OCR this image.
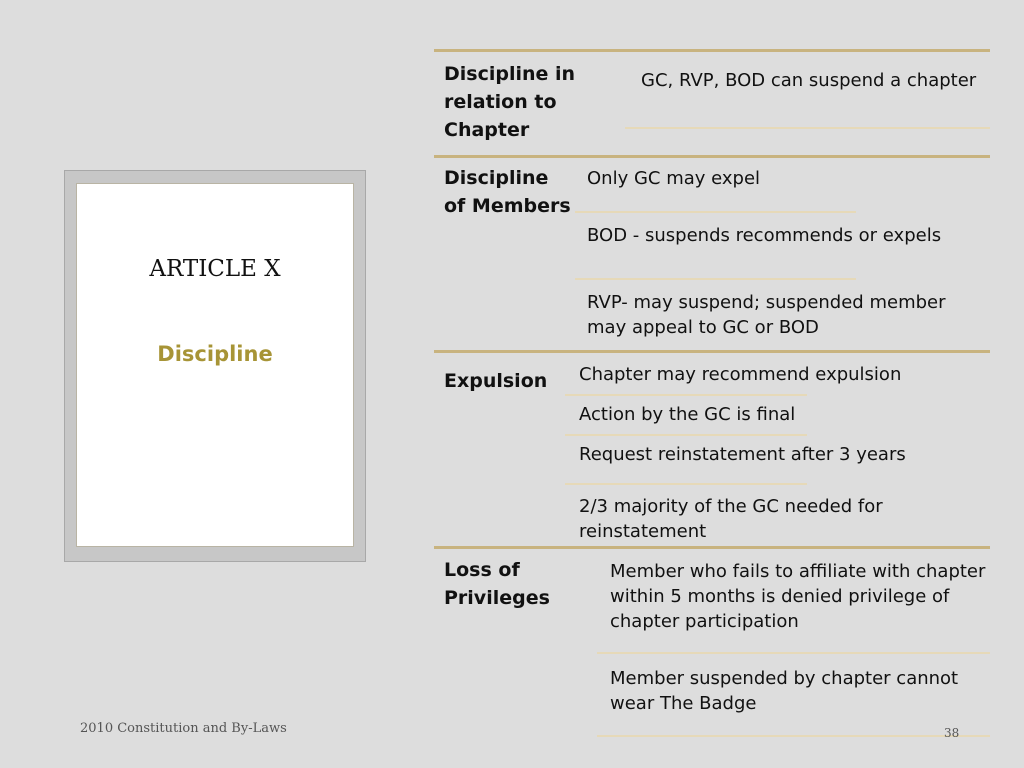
ARTICLE X
Discipline
Discipline in relation to Chapter
GC, RVP, BOD can suspend a chapter
Discipline of Members
Only GC may expel
BOD - suspends recommends or expels
RVP- may suspend; suspended member may appeal to GC or BOD
Expulsion	Chapter may recommend expulsion
Action by the GC is final
Request reinstatement after 3 years
2/3 majority of the GC needed for reinstatement
Loss of Privileges
Member who fails to affiliate with chapter within 5 months is denied privilege of chapter participation
Member suspended by chapter cannot wear The Badge
2010 Constitution and By-Laws	38
